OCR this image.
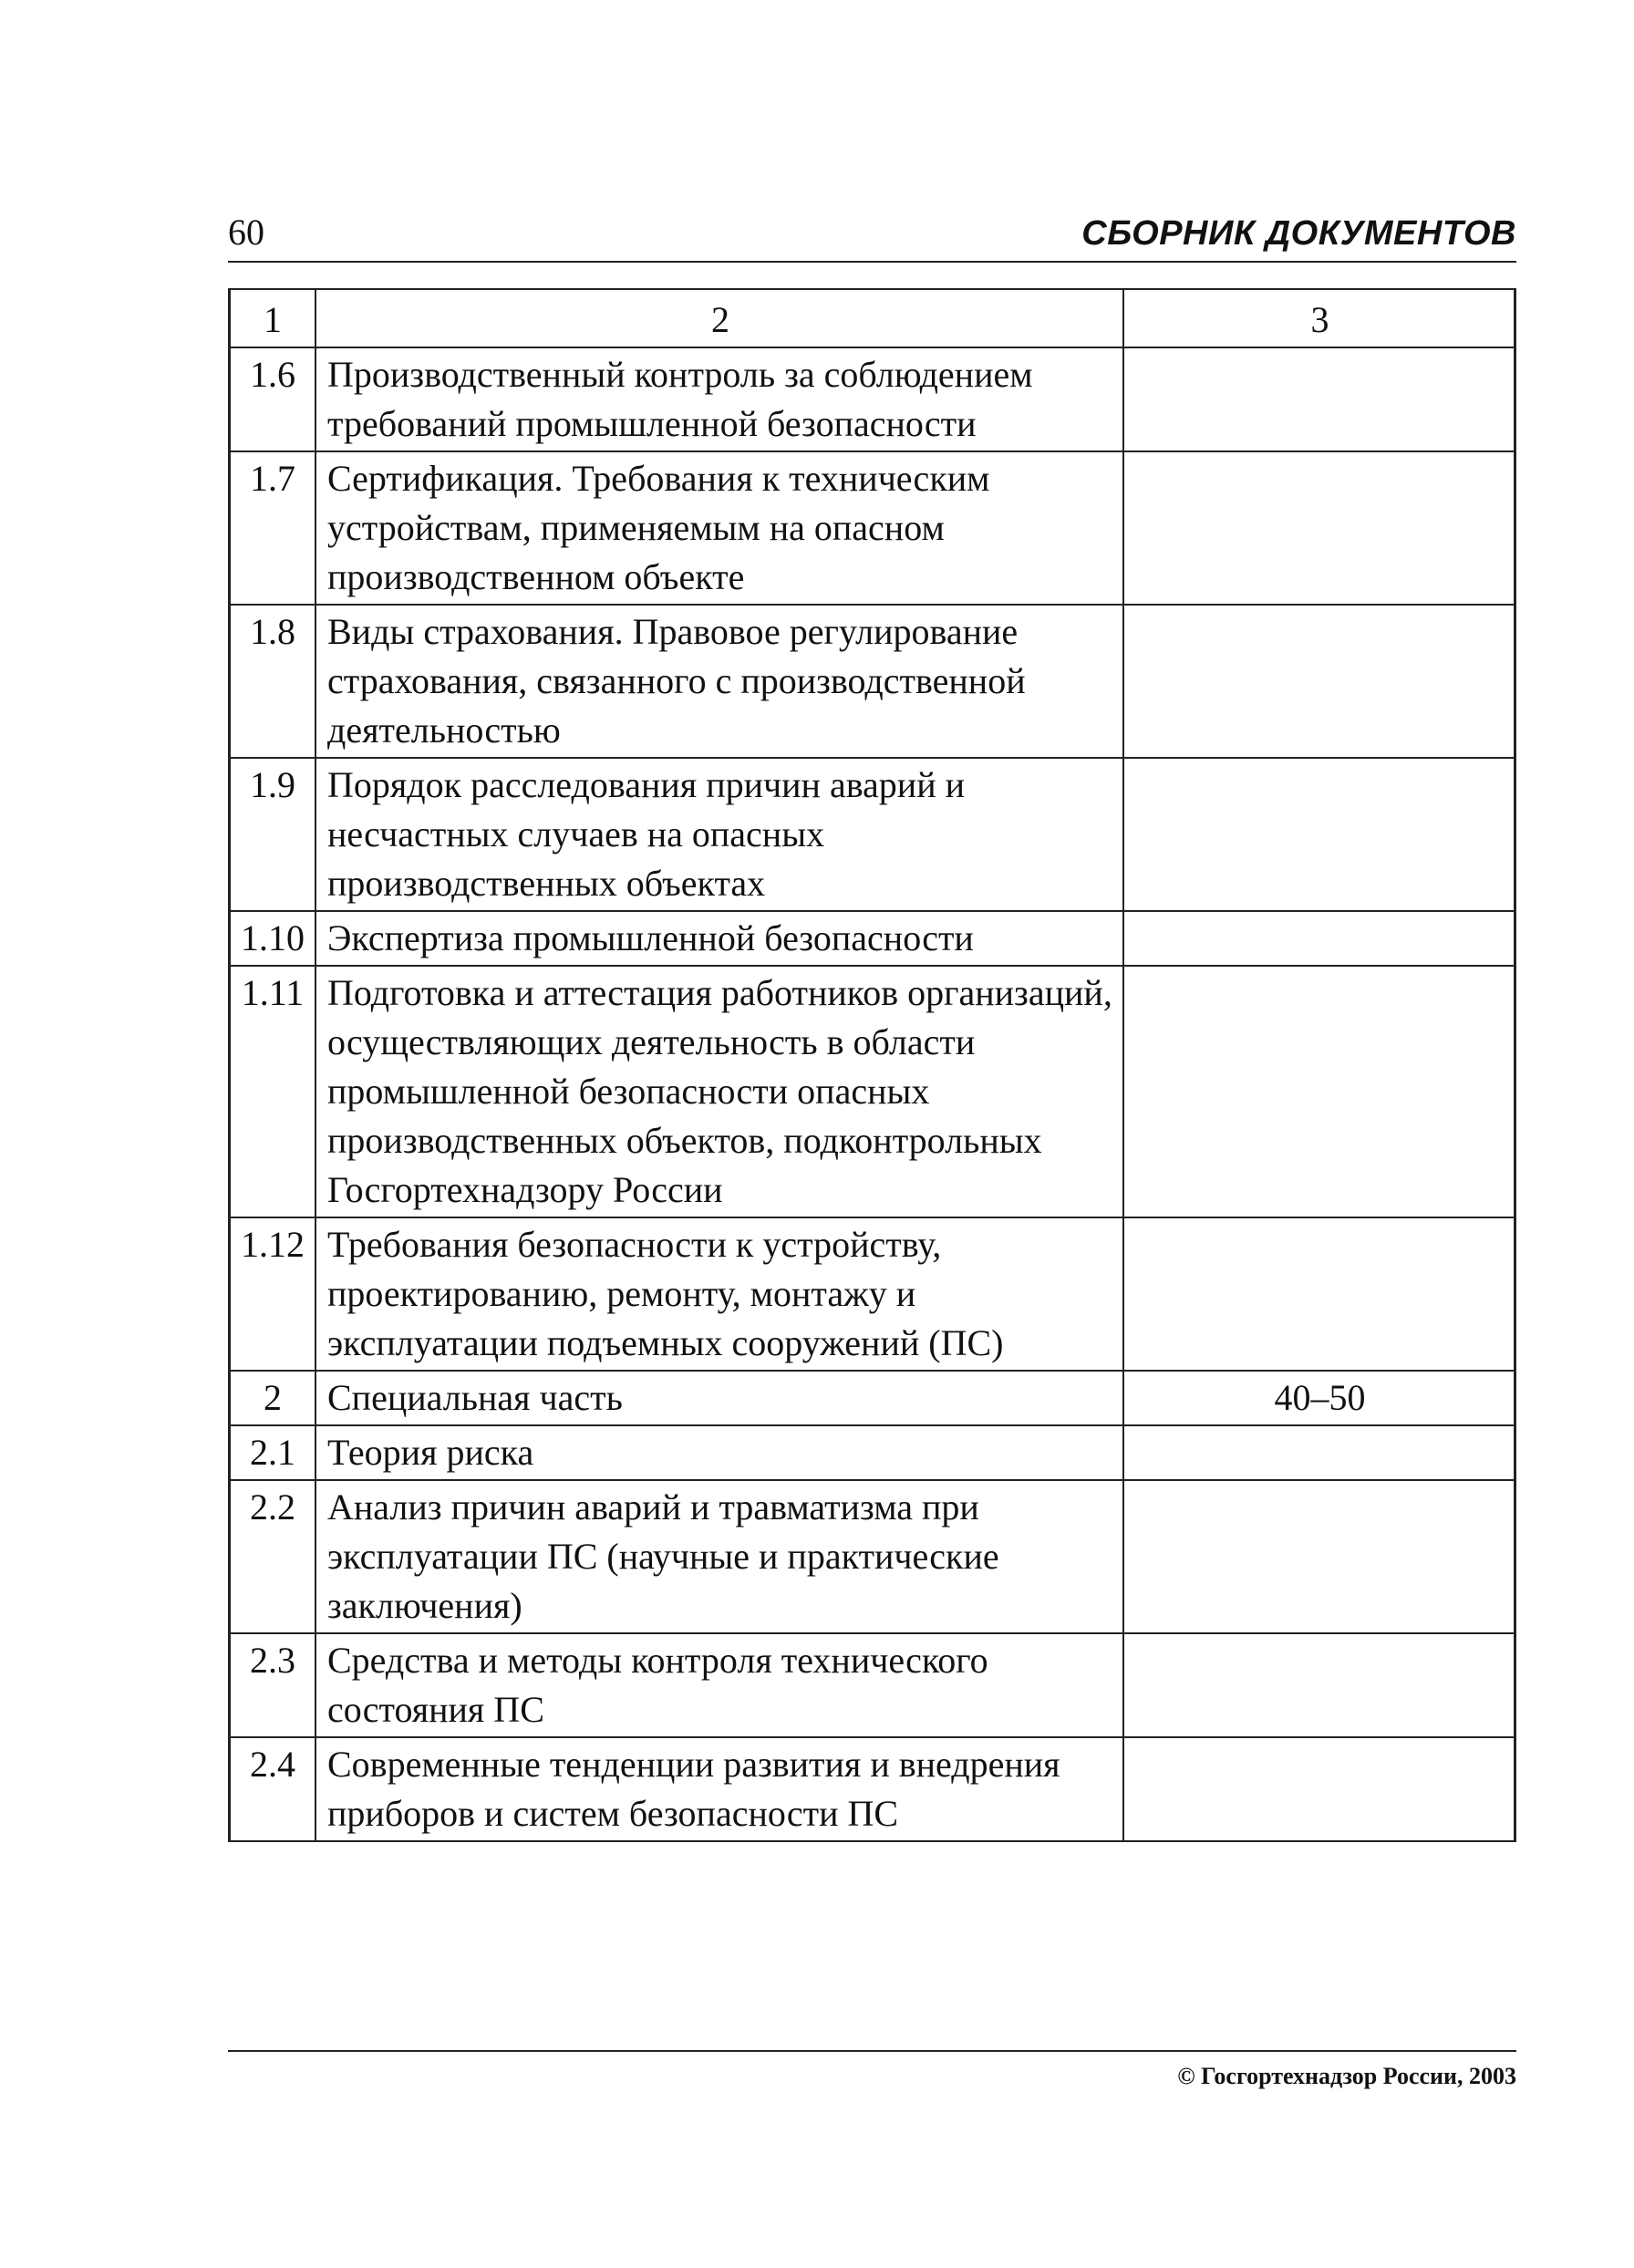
60	СБОРНИК ДОКУМЕНТОВ
1	2	3
1.6	Производственный контроль за соблюдением требований промышленной безопасности	
1.7	Сертификация. Требования к техническим устройствам, применяемым на опасном производственном объекте	
1.8	Виды страхования. Правовое регулирование страхования, связанного с производственной деятельностью	
1.9	Порядок расследования причин аварий и несчастных случаев на опасных производственных объектах	
1.10	Экспертиза промышленной безопасности	
1.11	Подготовка и аттестация работников организаций, осуществляющих деятельность в области промышленной безопасности опасных производственных объектов, подконтрольных Госгортехнадзору России	
1.12	Требования безопасности к устройству, проектированию, ремонту, монтажу и эксплуатации подъемных сооружений (ПС)	
2	Специальная часть	40–50
2.1	Теория риска	
2.2	Анализ причин аварий и травматизма при эксплуатации ПС (научные и практические заключения)	
2.3	Средства и методы контроля технического состояния ПС	
2.4	Современные тенденции развития и внедрения приборов и систем безопасности ПС	
© Госгортехнадзор России, 2003
